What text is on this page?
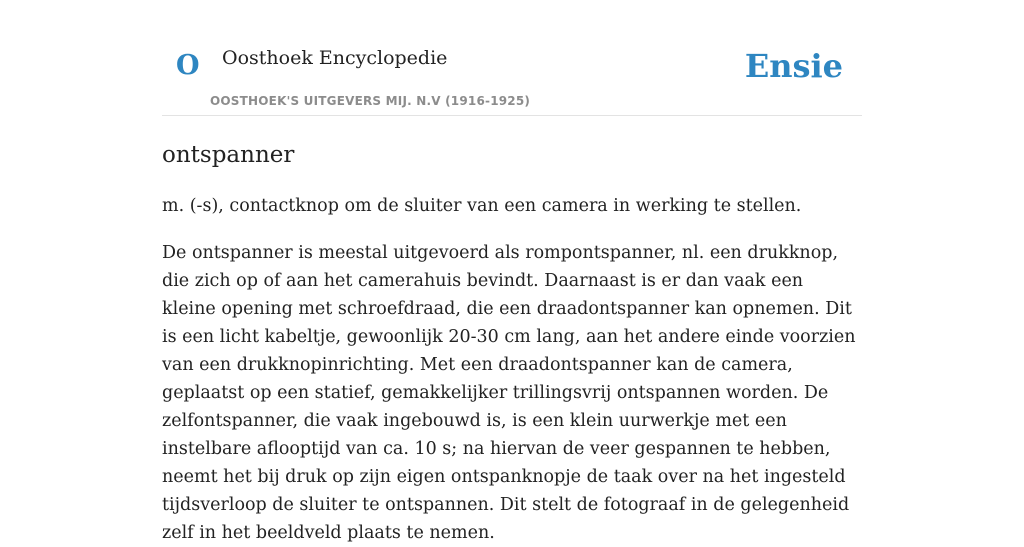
O Oosthoek Encyclopedie
OOSTHOEK'S UITGEVERS MIJ. N.V (1916-1925)
Ensie
ontspanner

m. (-s), contactknop om de sluiter van een camera in werking te stellen.

De ontspanner is meestal uitgevoerd als rompontspanner, nl. een drukknop, die zich op of aan het camerahuis bevindt. Daarnaast is er dan vaak een kleine opening met schroefdraad, die een draadontspanner kan opnemen. Dit is een licht kabeltje, gewoonlijk 20-30 cm lang, aan het andere einde voorzien van een drukknopinrichting. Met een draadontspanner kan de camera, geplaatst op een statief, gemakkelijker trillingsvrij ontspannen worden. De zelfontspanner, die vaak ingebouwd is, is een klein uurwerkje met een instelbare aflooptijd van ca. 10 s; na hiervan de veer gespannen te hebben, neemt het bij druk op zijn eigen ontspanknopje de taak over na het ingesteld tijdsverloop de sluiter te ontspannen. Dit stelt de fotograaf in de gelegenheid zelf in het beeldveld plaats te nemen.
